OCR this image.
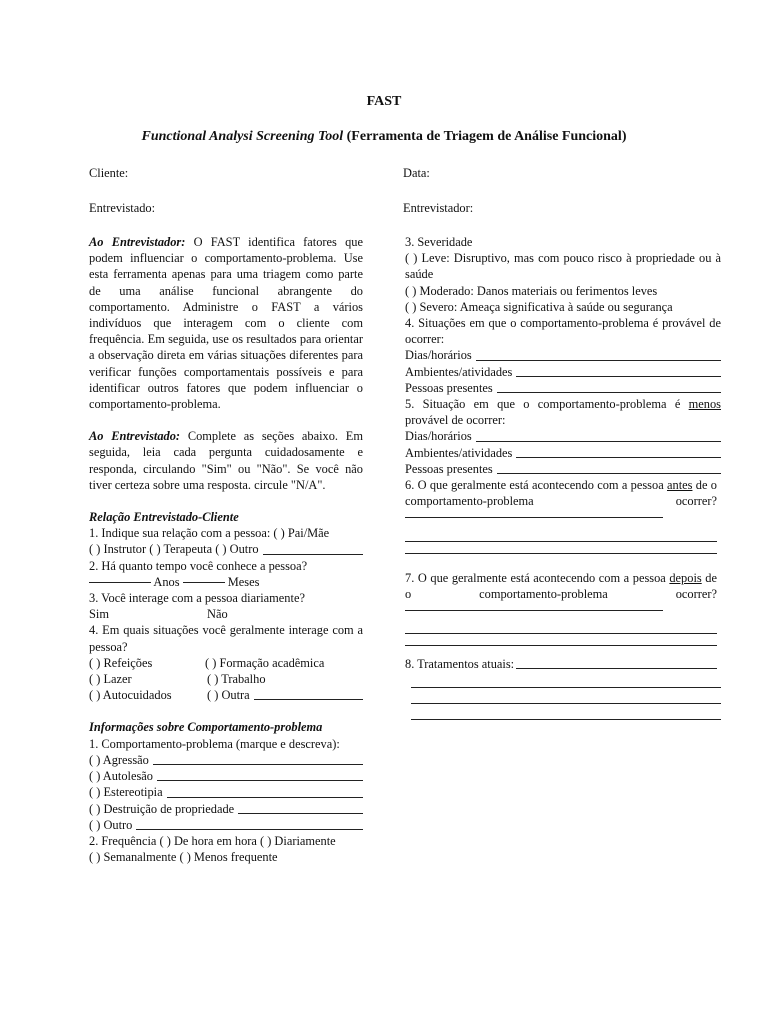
FAST
Functional Analysi Screening Tool (Ferramenta de Triagem de Análise Funcional)
Cliente:	Data:
Entrevistado:	Entrevistador:

Ao Entrevistador: O FAST identifica fatores que podem influenciar o comportamento-problema. Use esta ferramenta apenas para uma triagem como parte de uma análise funcional abrangente do comportamento. Administre o FAST a vários indivíduos que interagem com o cliente com frequência. Em seguida, use os resultados para orientar a observação direta em várias situações diferentes para verificar funções comportamentais possíveis e para identificar outros fatores que podem influenciar o comportamento-problema.

Ao Entrevistado: Complete as seções abaixo. Em seguida, leia cada pergunta cuidadosamente e responda, circulando "Sim" ou "Não". Se você não tiver certeza sobre uma resposta. circule "N/A".

Relação Entrevistado-Cliente
1. Indique sua relação com a pessoa: ( ) Pai/Mãe
( ) Instrutor ( ) Terapeuta ( ) Outro
2. Há quanto tempo você conhece a pessoa?
Anos	Meses
3. Você interage com a pessoa diariamente?
Sim	Não

4. Em quais situações você geralmente interage com a pessoa?

( ) Refeições	( ) Formação acadêmica
( ) Lazer	( ) Trabalho
( ) Autocuidados	( ) Outra
Informações sobre Comportamento-problema

1. Comportamento-problema (marque e descreva):

( ) Agressão
( ) Autolesão
( ) Estereotipia
( ) Destruição de propriedade
( ) Outro
2. Frequência ( ) De hora em hora ( ) Diariamente
( ) Semanalmente ( ) Menos frequente
3. Severidade

( ) Leve: Disruptivo, mas com pouco risco à propriedade ou à saúde

( ) Moderado: Danos materiais ou ferimentos leves

( ) Severo: Ameaça significativa à saúde ou segurança

4. Situações em que o comportamento-problema é provável de ocorrer:

Dias/horários
Ambientes/atividades
Pessoas presentes

5. Situação em que o comportamento-problema é menos provável de ocorrer:

Dias/horários
Ambientes/atividades
Pessoas presentes

6. O que geralmente está acontecendo com a pessoa antes de o comportamento-problema ocorrer?

7. O que geralmente está acontecendo com a pessoa depois de o comportamento-problema ocorrer?

8. Tratamentos atuais:
